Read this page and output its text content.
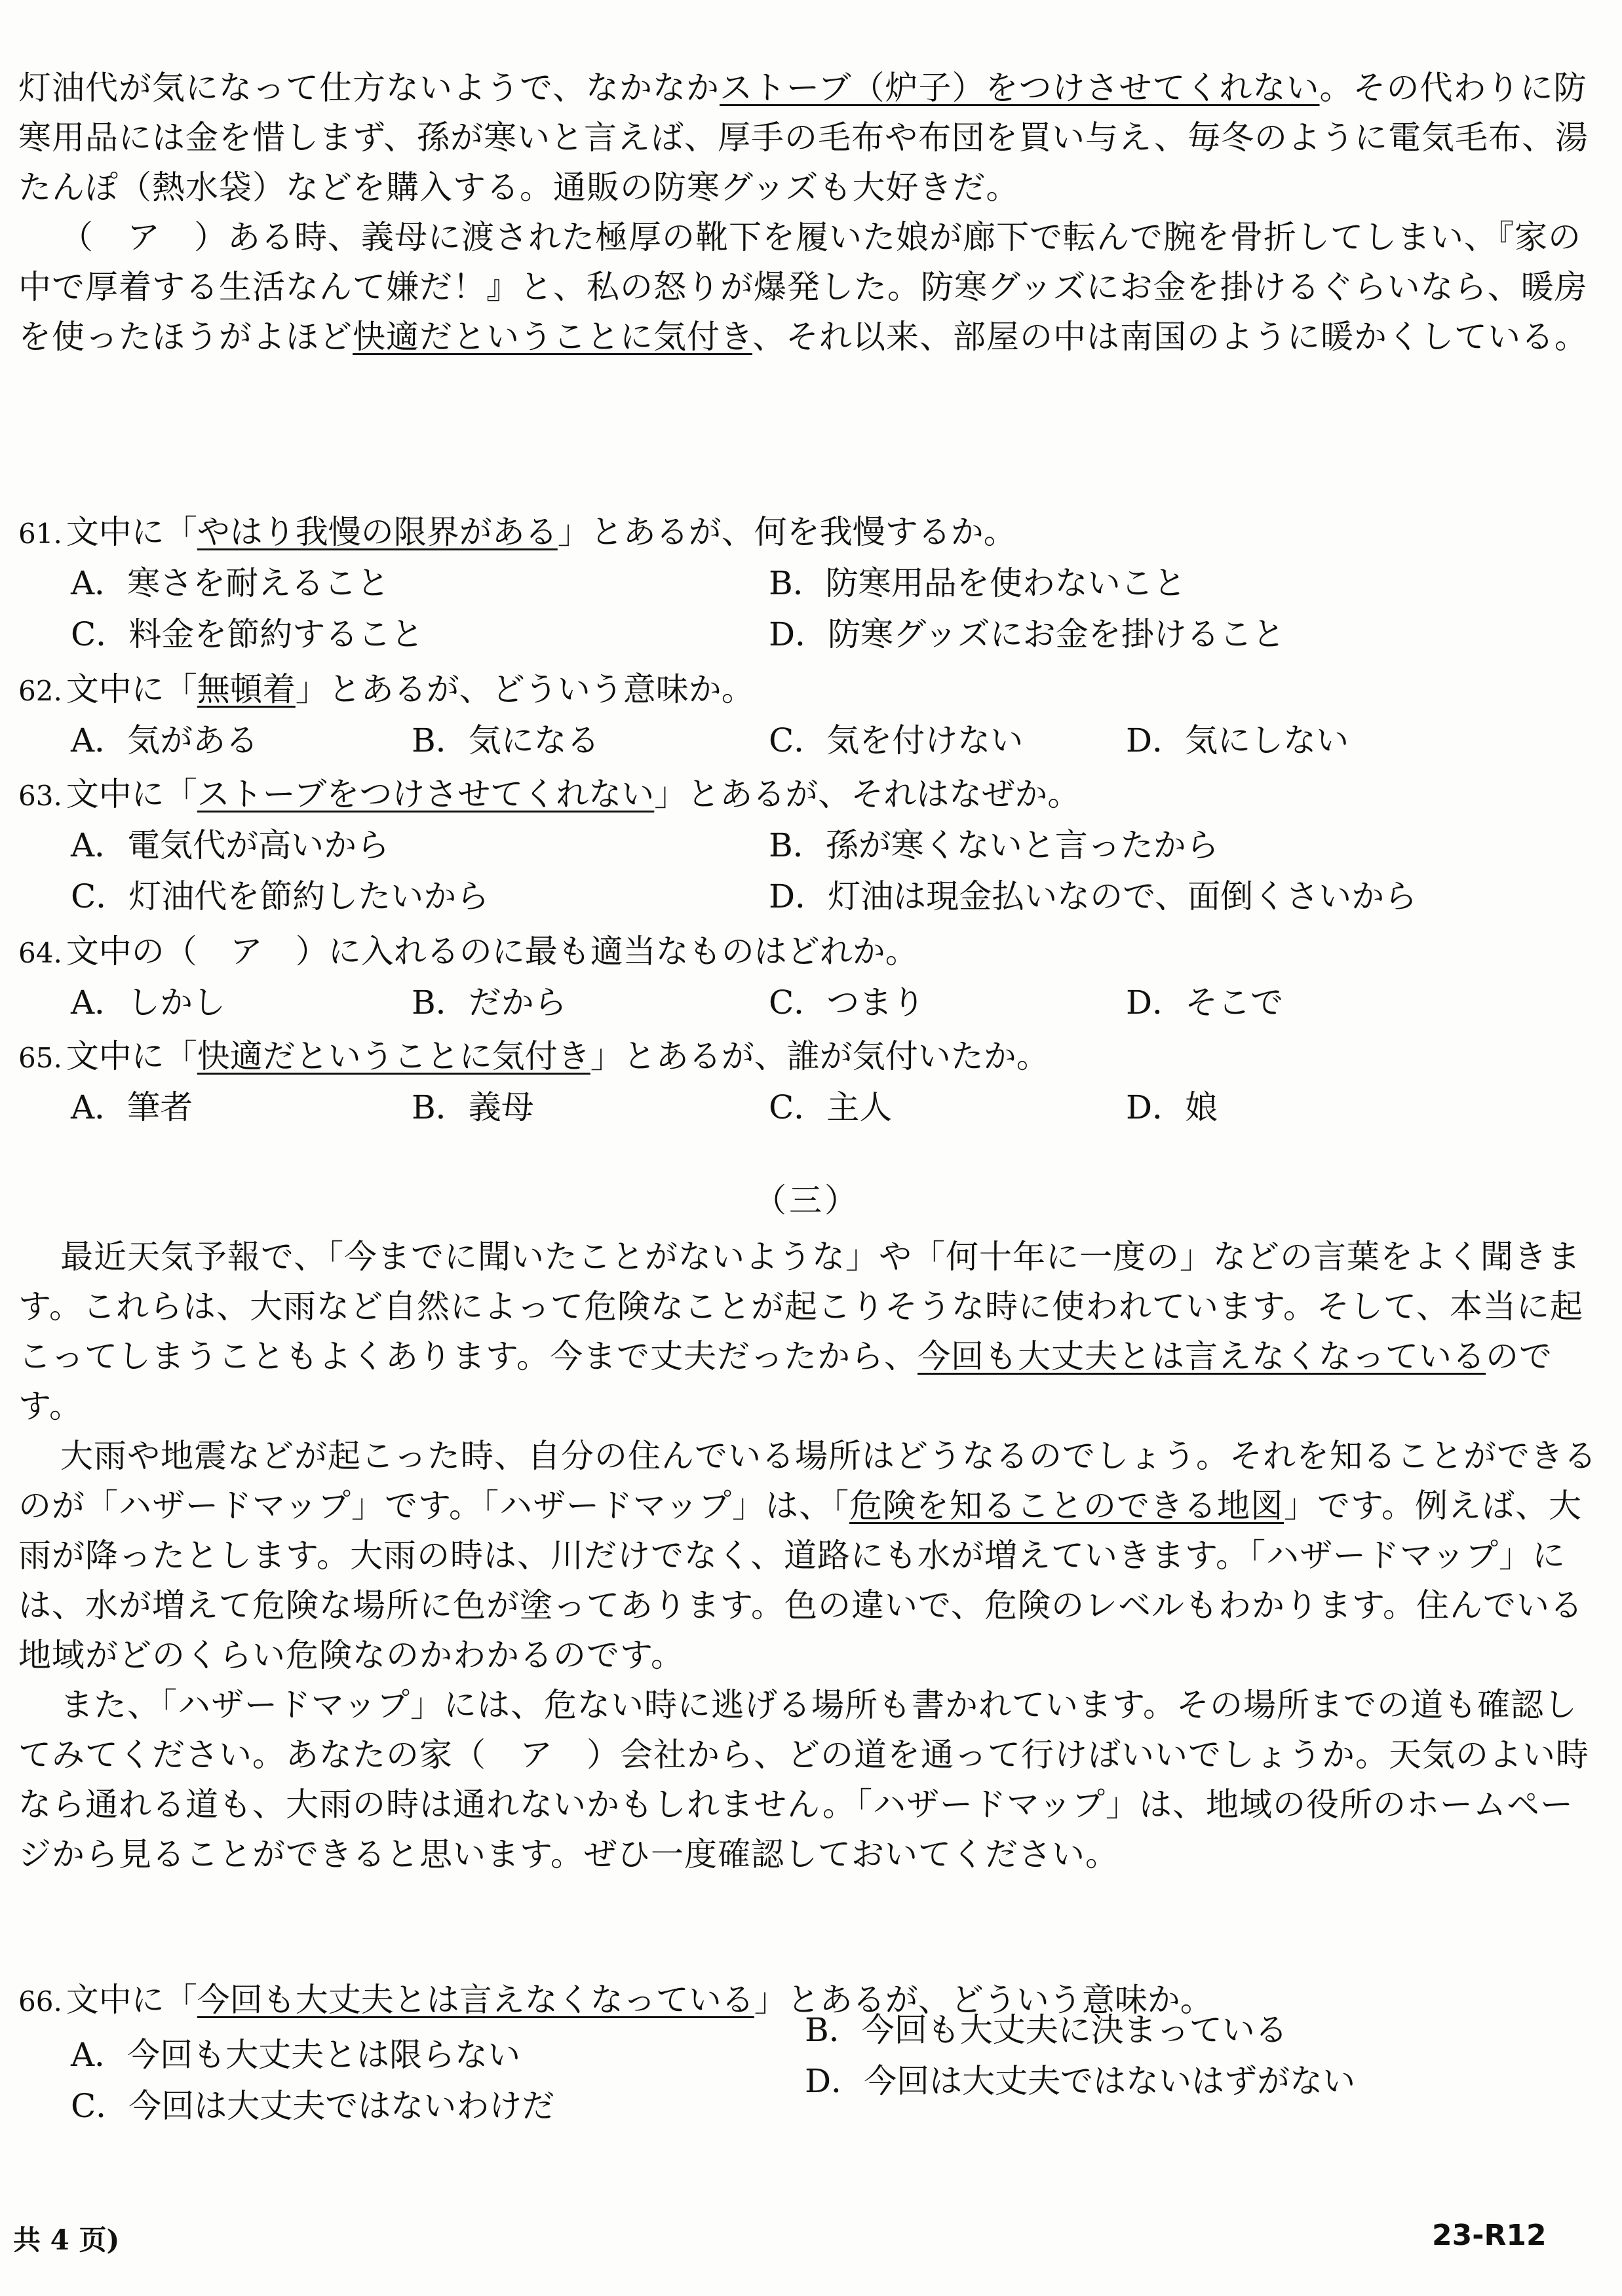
灯油代が気になって仕方ないようで、なかなかストーブ（炉子）をつけさせてくれない。その代わりに防寒用品には金を惜しまず、孫が寒いと言えば、厚手の毛布や布団を買い与え、毎冬のように電気毛布、湯たんぽ（熱水袋）などを購入する。通販の防寒グッズも大好きだ。

（　ア　）ある時、義母に渡された極厚の靴下を履いた娘が廊下で転んで腕を骨折してしまい、『家の中で厚着する生活なんて嫌だ！』と、私の怒りが爆発した。防寒グッズにお金を掛けるぐらいなら、暖房を使ったほうがよほど快適だということに気付き、それ以来、部屋の中は南国のように暖かくしている。

61. 文中に「やはり我慢の限界がある」とあるが、何を我慢するか。
A．寒さを耐えること	B．防寒用品を使わないこと
C．料金を節約すること	D．防寒グッズにお金を掛けること
62. 文中に「無頓着」とあるが、どういう意味か。
A．気がある	B．気になる	C．気を付けない	D．気にしない
63. 文中に「ストーブをつけさせてくれない」とあるが、それはなぜか。
A．電気代が高いから	B．孫が寒くないと言ったから
C．灯油代を節約したいから	D．灯油は現金払いなので、面倒くさいから
64. 文中の（　ア　）に入れるのに最も適当なものはどれか。
A．しかし	B．だから	C．つまり	D．そこで
65. 文中に「快適だということに気付き」とあるが、誰が気付いたか。
A．筆者	B．義母	C．主人	D．娘
（三）

最近天気予報で、「今までに聞いたことがないような」や「何十年に一度の」などの言葉をよく聞きます。これらは、大雨など自然によって危険なことが起こりそうな時に使われています。そして、本当に起こってしまうこともよくあります。今まで丈夫だったから、今回も大丈夫とは言えなくなっているのです。

大雨や地震などが起こった時、自分の住んでいる場所はどうなるのでしょう。それを知ることができるのが「ハザードマップ」です。「ハザードマップ」は、「危険を知ることのできる地図」です。例えば、大雨が降ったとします。大雨の時は、川だけでなく、道路にも水が増えていきます。「ハザードマップ」には、水が増えて危険な場所に色が塗ってあります。色の違いで、危険のレベルもわかります。住んでいる地域がどのくらい危険なのかわかるのです。

また、「ハザードマップ」には、危ない時に逃げる場所も書かれています。その場所までの道も確認してみてください。あなたの家（　ア　）会社から、どの道を通って行けばいいでしょうか。天気のよい時なら通れる道も、大雨の時は通れないかもしれません。「ハザードマップ」は、地域の役所のホームページから見ることができると思います。ぜひ一度確認しておいてください。

66. 文中に「今回も大丈夫とは言えなくなっている」とあるが、どういう意味か。
A．今回も大丈夫とは限らない
B．今回も大丈夫に決まっている
C．今回は大丈夫ではないわけだ
D．今回は大丈夫ではないはずがない
共 4 页)	23-R12
